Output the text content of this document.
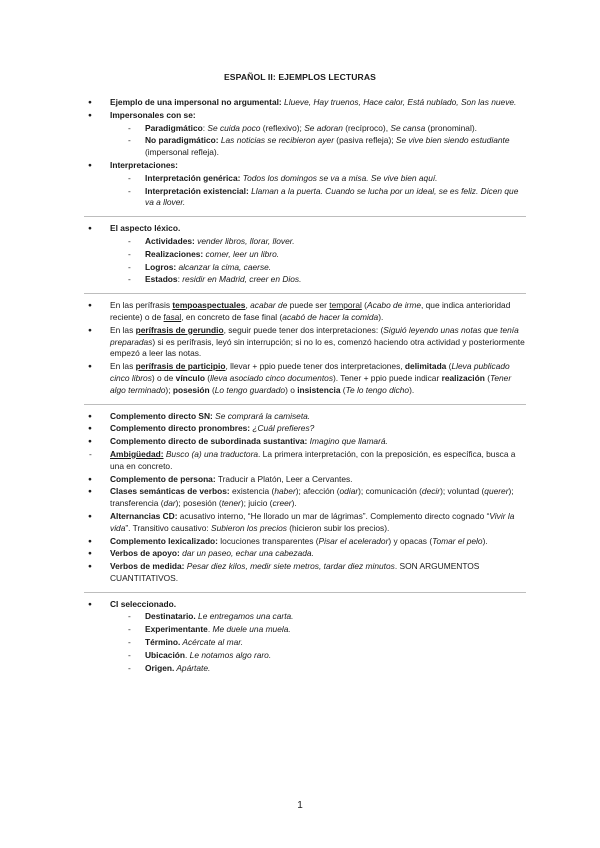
ESPAÑOL II: EJEMPLOS LECTURAS
● Ejemplo de una impersonal no argumental: Llueve, Hay truenos, Hace calor, Está nublado, Son las nueve.
● Impersonales con se:
- Paradigmático: Se cuida poco (reflexivo); Se adoran (recíproco), Se cansa (pronominal).
- No paradigmático: Las noticias se recibieron ayer (pasiva refleja); Se vive bien siendo estudiante (impersonal refleja).
● Interpretaciones:
- Interpretación genérica: Todos los domingos se va a misa. Se vive bien aquí.
- Interpretación existencial: Llaman a la puerta. Cuando se lucha por un ideal, se es feliz. Dicen que va a llover.
● El aspecto léxico.
- Actividades: vender libros, llorar, llover.
- Realizaciones: comer, leer un libro.
- Logros: alcanzar la cima, caerse.
- Estados: residir en Madrid, creer en Dios.
● En las perífrasis tempoaspectuales, acabar de puede ser temporal (Acabo de irme, que indica anterioridad reciente) o de fasal, en concreto de fase final (acabó de hacer la comida).
● En las perífrasis de gerundio, seguir puede tener dos interpretaciones: (Siguió leyendo unas notas que tenía preparadas) si es perífrasis, leyó sin interrupción; si no lo es, comenzó haciendo otra actividad y posteriormente empezó a leer las notas.
● En las perífrasis de participio, llevar + ppio puede tener dos interpretaciones, delimitada (Lleva publicado cinco libros) o de vínculo (lleva asociado cinco documentos). Tener + ppio puede indicar realización (Tener algo terminado); posesión (Lo tengo guardado) o insistencia (Te lo tengo dicho).
● Complemento directo SN: Se comprará la camiseta.
● Complemento directo pronombres: ¿Cuál prefieres?
● Complemento directo de subordinada sustantiva: Imagino que llamará.
- Ambigüedad: Busco (a) una traductora. La primera interpretación, con la preposición, es específica, busca a una en concreto.
● Complemento de persona: Traducir a Platón, Leer a Cervantes.
● Clases semánticas de verbos: existencia (haber); afección (odiar); comunicación (decir); voluntad (querer); transferencia (dar); posesión (tener); juicio (creer).
● Alternancias CD: acusativo interno, “He llorado un mar de lágrimas”. Complemento directo cognado “Vivir la vida”. Transitivo causativo: Subieron los precios (hicieron subir los precios).
● Complemento lexicalizado: locuciones transparentes (Pisar el acelerador) y opacas (Tomar el pelo).
● Verbos de apoyo: dar un paseo, echar una cabezada.
● Verbos de medida: Pesar diez kilos, medir siete metros, tardar diez minutos. SON ARGUMENTOS CUANTITATIVOS.
● CI seleccionado.
- Destinatario. Le entregamos una carta.
- Experimentante. Me duele una muela.
- Término. Acércate al mar.
- Ubicación. Le notamos algo raro.
- Origen. Apártate.
1
